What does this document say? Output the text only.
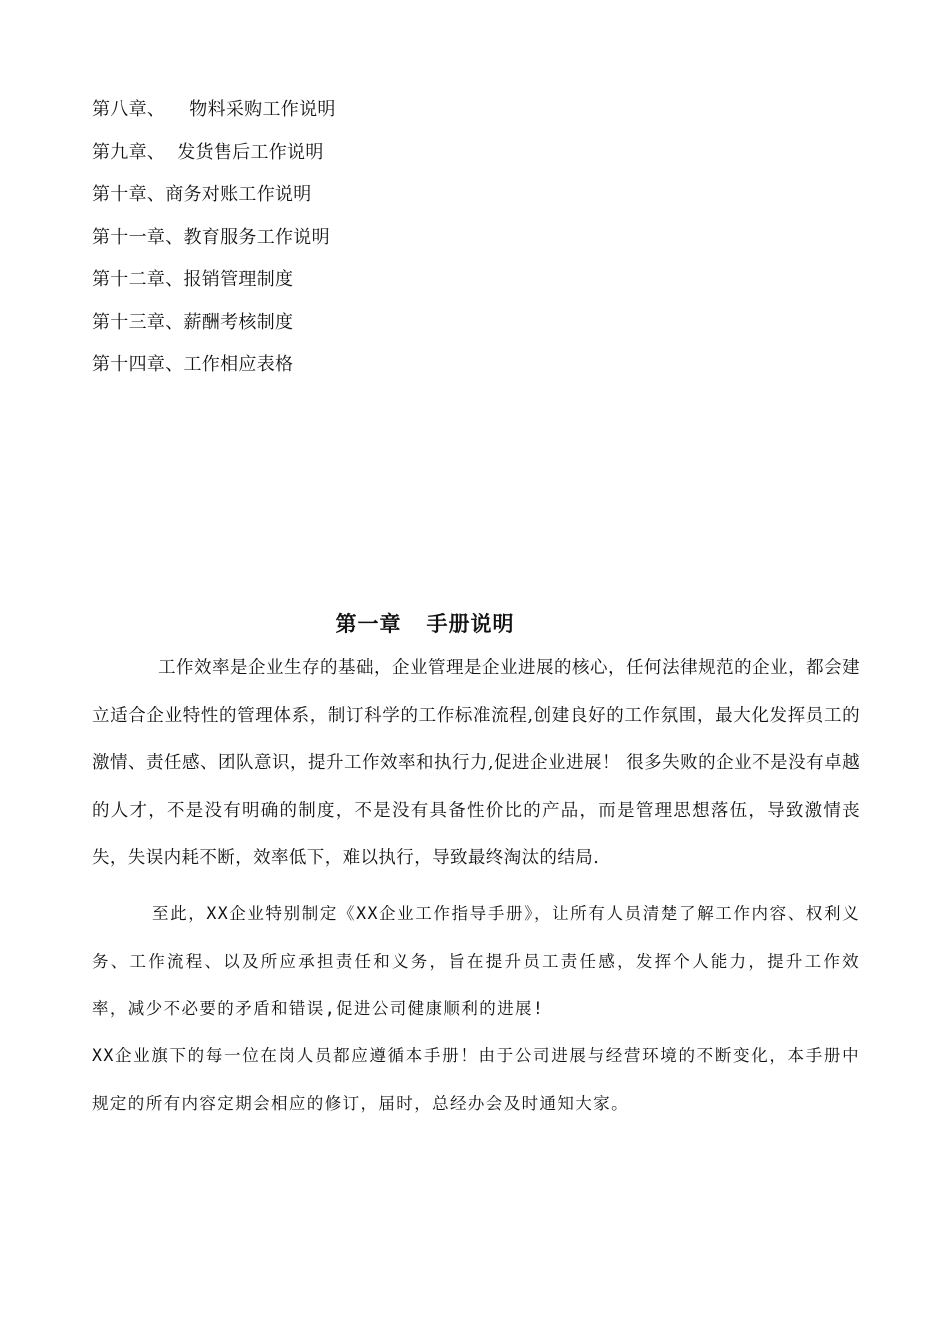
第八章、    物料采购工作说明
第九章、  发货售后工作说明
第十章、商务对账工作说明
第十一章、教育服务工作说明
第十二章、报销管理制度
第十三章、薪酬考核制度
第十四章、工作相应表格
第一章   手册说明

工作效率是企业生存的基础，企业管理是企业进展的核心，任何法律规范的企业，都会建立适合企业特性的管理体系，制订科学的工作标准流程,创建良好的工作氛围，最大化发挥员工的激情、责任感、团队意识，提升工作效率和执行力,促进企业进展！ 很多失败的企业不是没有卓越的人才，不是没有明确的制度，不是没有具备性价比的产品，而是管理思想落伍，导致激情丧失，失误内耗不断，效率低下，难以执行，导致最终淘汰的结局.

至此，XX企业特别制定《XX企业工作指导手册》，让所有人员清楚了解工作内容、权利义务、工作流程、以及所应承担责任和义务，旨在提升员工责任感，发挥个人能力，提升工作效率，减少不必要的矛盾和错误,促进公司健康顺利的进展!

XX企业旗下的每一位在岗人员都应遵循本手册！由于公司进展与经营环境的不断变化，本手册中规定的所有内容定期会相应的修订，届时，总经办会及时通知大家。
